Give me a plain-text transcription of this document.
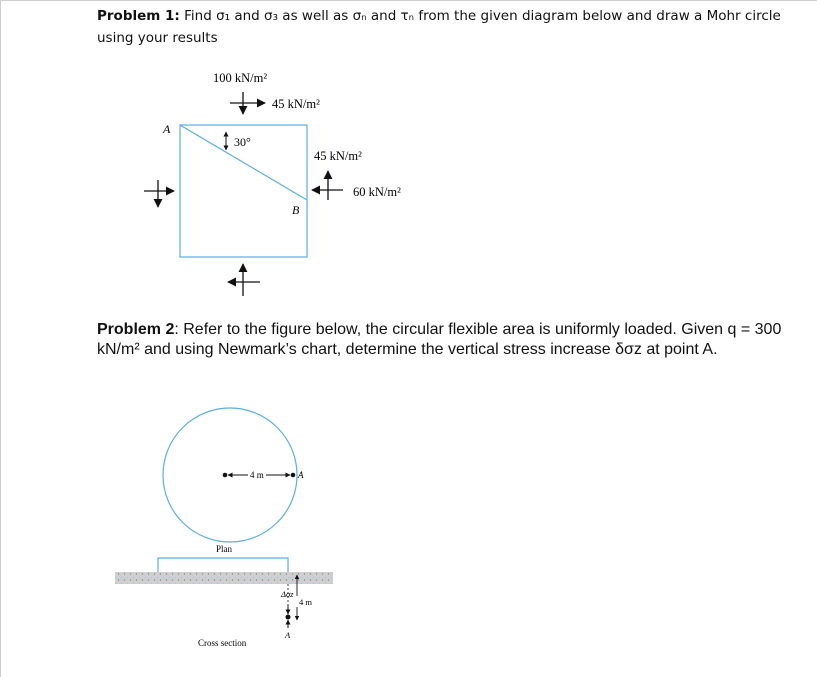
Problem 1: Find σ₁ and σ₃ as well as σₙ and τₙ from the given diagram below and draw a Mohr circle using your results
100 kN/m²
45 kN/m²
45 kN/m²
60 kN/m²
30°
A
B
4 m	A
Plan
Δσz
4 m
A
Cross section
Problem 2: Refer to the figure below, the circular flexible area is uniformly loaded. Given q = 300 kN/m² and using Newmark’s chart, determine the vertical stress increase δσz at point A.
